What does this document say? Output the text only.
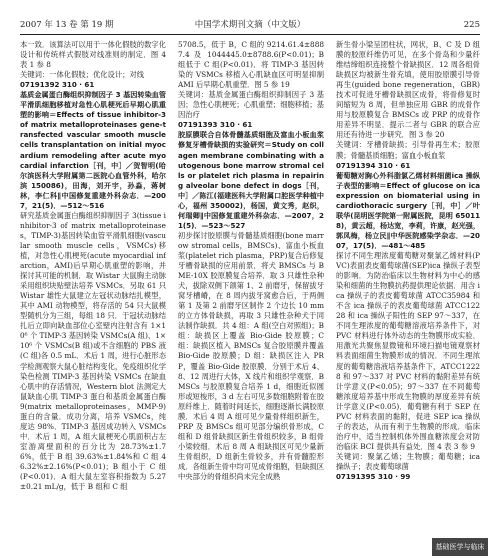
2007 年 13 卷 第 19 期	中国学术期刊文摘（中文版）	225

本一致．该算法可以用于一体化假肢的数字化设计和传统样式假肢对线准则的制定．图 4 表 1 参 8

关键词：一体化假肢；优化设计；对线

07191392 310 · 61

基质金属蛋白酶组织抑制因子 3 基因转染血管平滑肌细胞移植对急性心肌梗死后早期心肌重塑的影响＝Effects of tissue inhibitor-3 of matrix metalloproteinases gene-transfected vascular smooth muscle cells transplantation on initial myocardium remodeling after acute myocardial infarction［刊，中］／贺智明(哈尔滨医科大学附属第二医院心血管外科，哈尔滨 150086)，田海，刘开宇，孙淼，蒋树林，李仁科∥中国修复重建外科杂志．—2007，21(5)．—512～516

研究基质金属蛋白酶组织抑制因子 3(tissue inhibitor-3 of matrix metalloproteinases，TIMP-3)基因转染血管平滑肌细胞(vascular smooth muscle cells，VSMCs)移植，对急性心肌梗死(acute myocardial infarction，AMI)后早期心肌重塑的影响，并探讨其可能的机制．取 Wistar 大鼠胸主动脉采用组织块贴壁法培养 VSMCs．另取 61 只 Wistar 雄性大鼠建立左冠状动脉结扎模型，其中 AMI 动物模型，将存活的 54 只大鼠模型随机分为三组，每组 18 只．于冠状动脉结扎后立即向缺血部位心室壁内注射含有 1×10⁶ 个 TIMP-3 基因转染 VSMCs(A 组)、1×10⁶ 个 VSMCs(B 组)或不含细胞的 PBS 液(C 组)各 0.5 mL．术后 1 周，进行心脏形态学检测观察大鼠心脏结构变化，免疫组织化学染色检测 TIMP-3 基因转染 VSMCs 在缺血心肌中的存活情况，Western blot 法测定大鼠缺血心肌 TIMP-3 蛋白和基质金属蛋白酶 9(matrix metalloproteinases，MMP-9)蛋白的含量．成功分离，培养 VSMCs，纯度达 98%．TIMP-3 基因成功转入 VSMCs 中．术后 1 周，A 组大鼠梗死心肌面积占左室游离壁面积的百分比为 28.73%±1.76%，低于 B 组 39.63%±1.84%和 C 组 46.32%±2.16%(P<0.01)；B 组小于 C 组(P<0.01)．A 组大鼠左室容积指数为 5.27±0.21 mL/g，低于 B 组和 C 组

5708.5，低于 B，C 组的 9214.61.4±8887.4 及 1044445.0±8788.6(P<0.01)；B 组低于 C 组(P<0.01)．将 TIMP-3 基因转染的 VSMCs 移植入心肌缺血区可明显抑制 AMI 后早期心肌重塑．图 5 参 19

关键词：基质金属蛋白酶组织抑制因子 3 基因；急性心肌梗死；心肌重塑；细胞移植；基因治疗

07191393 310 · 61

胶原膜联合自体骨髓基质细胞及富血小板血浆修复牙槽骨缺损的实验研究＝Study on collagen membrane combinating with autogenous bone marrow stromal cells or platelet rich plasma in repairing alveolar bone defect in dogs［刊，中］／陈江(福建医科大学附属口腔医学种植中心，福州 350002)，杨国，黄文秀，赵织，何瑞卿∥中国修复重建外科杂志．—2007，21(5)．—523～527

初步探讨胶原膜与骨髓基质细胞(bone marrow stromal cells，BMSCs)、富血小板血浆(platelet rich plasma，PRP)复合后修复牙槽骨缺损的应用前景．将犬 BMSCs 与 BME-10X 胶原膜复合培养．取 3 只雄性杂种犬，拔除双侧下颌第 1、2 前磨牙，保留拔牙窝牙槽嵴，在 8 周内拔牙窝愈合后，于两侧第 1 及第 2 前磨牙区制作 2 个边长 10 mm 的立方体骨缺损，再取 3 只雄性杂种犬于同法制作缺损．共 4 组：A 组(空白对照组)；B 组：缺损区上覆盖 Bio-Gide 胶原膜；C 组：缺损区植入 BMSCs 复合胶原膜并覆盖 Bio-Gide 胶原膜；D 组：缺损区注入 PRP，覆盖 Bio-Gide 胶原膜．分别于术后 4、8、12 周进行大体，X 线片和组织学观察．BMSCs 与胶原膜复合培养 1 d，细胞近似圆形或短梭形，3 d 左右可见多数细胞附着在胶原纤维上．随着时间延长，细胞逐渐长满胶原膜．术后 4 周 A 组可见少量骨样组织新生，PRP 及 BMSCs 组可见部分编织骨形成，C 组和 D 组骨缺损区新生骨组织较多，B 组骨小梁较细．术后 8 周 A 组缺损区可见少量新生骨组织，D 组新生骨较多，并有骨髓腔形成．各组新生骨中均可见成骨细胞，但缺损区中央部分的骨组织尚未完全成熟

新生骨小梁呈团柱状，网状，B、C 及 D 组膜的胶原纤维仍可见，在多个骨岛和少量纤维结缔组织连接整个骨缺损区．12 周各组骨缺损区均被新生骨充填，使用胶原膜引导骨再生(guided bone regeneration，GBR)技术可促进牙槽骨缺损区成骨，将骨修复时间缩短为 8 周，但单独应用 GBR 的成骨作用与胶原膜复合 BMSCs 或 PRP 的成骨作用差异不明显．提示二者与 GBR 的联合应用还有待进一步研究．图 3 参 20

关键词：牙槽骨缺损；引导骨再生术；胶原膜；骨髓基质细胞；富血小板血浆

07191394 310 · 61

葡萄糖对胸心外科脂氯乙烯材料细菌ica 操纵子表型的影响＝Effect of glucose on ica expression on biomaterial using in cardiothoracic surgery［刊，中］／叶联华(昆明医学院第一附属医院，昆明 650118)，黄云超，杨达宽，李莉，许康，赵光强，郭凤梅，杨立民∥中华医院感染学杂志．—2007，17(5)．—481～485

探讨不同生理浓度葡萄糖对聚氯乙烯材料(PVC)表面表皮葡萄球菌(SEP)ica 操纵子表型的影响．为防治临床以生物材料为中心的感染和细菌的生物膜抗药提供理论依据．用含 ica 操纵子的表皮葡萄球菌 ATCC35984 和不含 ica 操纵子的表皮葡萄球菌 ATCC12228 和 ica 操纵子阳性的 SEP 97～337，在不同生理浓度的葡萄糖溶液培养条件下，对 PVC 材料进行体外动态的生物膜形成实验．用激光共聚焦显微镜和环境扫描电镜观察材料表面细菌生物膜形成的情况．不同生理浓度的葡萄糖溶液培养基条件下，ATCC12228 和 97～337 对 PVC 材料的黏附差异有统计学意义(P<0.05)；97～337 在不同葡萄糖浓度培养基中形成生物膜的厚度差异有统计学意义(P<0.05)．葡萄糖有利于 SEP 在 PVC 材料表面的黏附，促进 SEP ica 操纵子的表达，从而有利于生物膜的形成．临床治疗中，适当控制机体外围血糖浓度会对防治临床 BCI 提供具有益处．图 4 表 3 参 9

关键词：聚氯乙烯；生物膜；葡萄糖；ica 操纵子；表皮葡萄球菌

07191395 310 · 99

基础医学与临床
